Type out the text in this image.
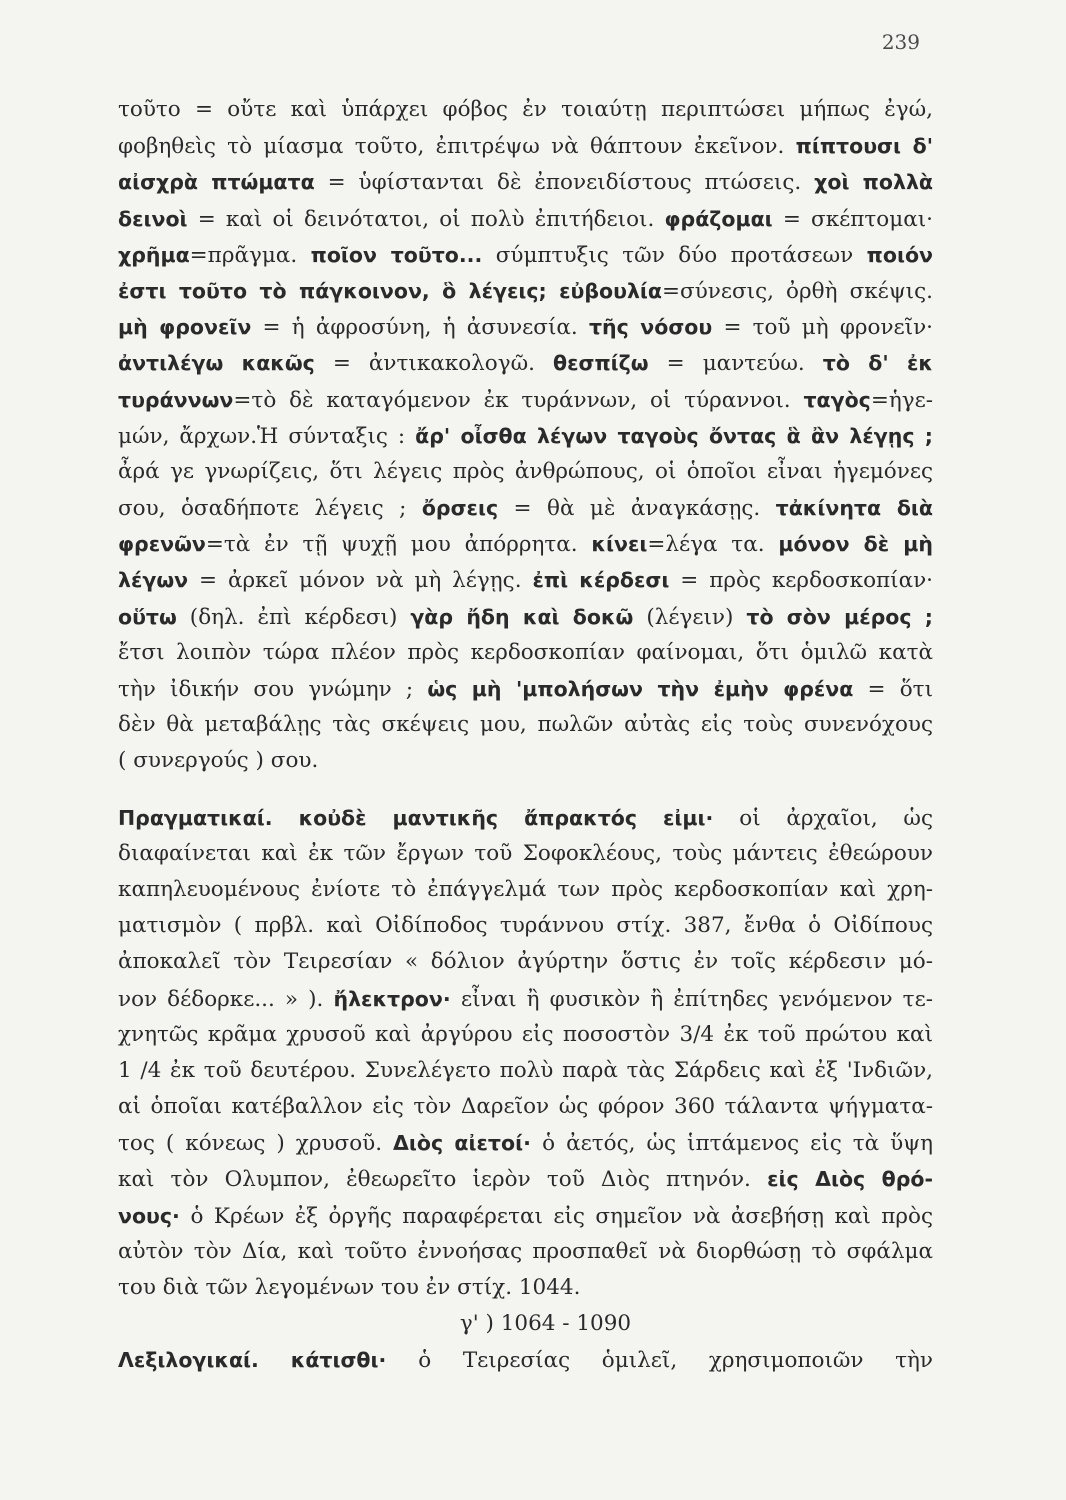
239
τοῦτο = οὔτε καὶ ὑπάρχει φόβος ἐν τοιαύτῃ περιπτώσει μήπως ἐγώ,
φοβηθεὶς τὸ μίασμα τοῦτο, ἐπιτρέψω νὰ θάπτουν ἐκεῖνον. πίπτουσι δ'
αἰσχρὰ πτώματα = ὑφίστανται δὲ ἐπονειδίστους πτώσεις. χοὶ πολλὰ
δεινοὶ = καὶ οἱ δεινότατοι, οἱ πολὺ ἐπιτήδειοι. φράζομαι = σκέπτομαι·
χρῆμα=πρᾶγμα. ποῖον τοῦτο... σύμπτυξις τῶν δύο προτάσεων ποιόν
ἐστι τοῦτο τὸ πάγκοινον, ὃ λέγεις; εὐβουλία=σύνεσις, ὀρθὴ σκέψις.
μὴ φρονεῖν = ἡ ἀφροσύνη, ἡ ἀσυνεσία. τῆς νόσου = τοῦ μὴ φρονεῖν·
ἀντιλέγω κακῶς = ἀντικακολογῶ. θεσπίζω = μαντεύω. τὸ δ' ἐκ
τυράννων=τὸ δὲ καταγόμενον ἐκ τυράννων, οἱ τύραννοι. ταγὸς=ἡγε-
μών, ἄρχων.Ἡ σύνταξις : ἄρ' οἶσθα λέγων ταγοὺς ὄντας ἃ ἂν λέγῃς ;
ἆρά γε γνωρίζεις, ὅτι λέγεις πρὸς ἀνθρώπους, οἱ ὁποῖοι εἶναι ἡγεμόνες
σου, ὁσαδήποτε λέγεις ; ὄρσεις = θὰ μὲ ἀναγκάσῃς. τἀκίνητα διὰ
φρενῶν=τὰ ἐν τῇ ψυχῇ μου ἀπόρρητα. κίνει=λέγα τα. μόνον δὲ μὴ
λέγων = ἀρκεῖ μόνον νὰ μὴ λέγῃς. ἐπὶ κέρδεσι = πρὸς κερδοσκοπίαν·
οὕτω (δηλ. ἐπὶ κέρδεσι) γὰρ ἤδη καὶ δοκῶ (λέγειν) τὸ σὸν μέρος ;
ἔτσι λοιπὸν τώρα πλέον πρὸς κερδοσκοπίαν φαίνομαι, ὅτι ὁμιλῶ κατὰ
τὴν ἰδικήν σου γνώμην ; ὡς μὴ 'μπολήσων τὴν ἐμὴν φρένα = ὅτι
δὲν θὰ μεταβάλῃς τὰς σκέψεις μου, πωλῶν αὐτὰς εἰς τοὺς συνενόχους
( συνεργούς ) σου.
Πραγματικαί. κοὐδὲ μαντικῆς ἄπρακτός εἰμι· οἱ ἀρχαῖοι, ὡς
διαφαίνεται καὶ ἐκ τῶν ἔργων τοῦ Σοφοκλέους, τοὺς μάντεις ἐθεώρουν
καπηλευομένους ἐνίοτε τὸ ἐπάγγελμά των πρὸς κερδοσκοπίαν καὶ χρη-
ματισμὸν ( πρβλ. καὶ Οἰδίποδος τυράννου στίχ. 387, ἔνθα ὁ Οἰδίπους
ἀποκαλεῖ τὸν Τειρεσίαν « δόλιον ἀγύρτην ὅστις ἐν τοῖς κέρδεσιν μό-
νον δέδορκε... » ). ἤλεκτρον· εἶναι ἢ φυσικὸν ἢ ἐπίτηδες γενόμενον τε-
χνητῶς κρᾶμα χρυσοῦ καὶ ἀργύρου εἰς ποσοστὸν 3/4 ἐκ τοῦ πρώτου καὶ
1 /4 ἐκ τοῦ δευτέρου. Συνελέγετο πολὺ παρὰ τὰς Σάρδεις καὶ ἐξ 'Ινδιῶν,
αἱ ὁποῖαι κατέβαλλον εἰς τὸν Δαρεῖον ὡς φόρον 360 τάλαντα ψήγματα-
τος ( κόνεως ) χρυσοῦ. Διὸς αἰετοί· ὁ ἀετός, ὡς ἱπτάμενος εἰς τὰ ὕψη
καὶ τὸν Ολυμπον, ἐθεωρεῖτο ἱερὸν τοῦ Διὸς πτηνόν. εἰς Διὸς θρό-
νους· ὁ Κρέων ἐξ ὀργῆς παραφέρεται εἰς σημεῖον νὰ ἀσεβήσῃ καὶ πρὸς
αὐτὸν τὸν Δία, καὶ τοῦτο ἐννοήσας προσπαθεῖ νὰ διορθώσῃ τὸ σφάλμα
του διὰ τῶν λεγομένων του ἐν στίχ. 1044.
γ' ) 1064 - 1090
Λεξιλογικαί. κάτισθι· ὁ Τειρεσίας ὁμιλεῖ, χρησιμοποιῶν τὴν
